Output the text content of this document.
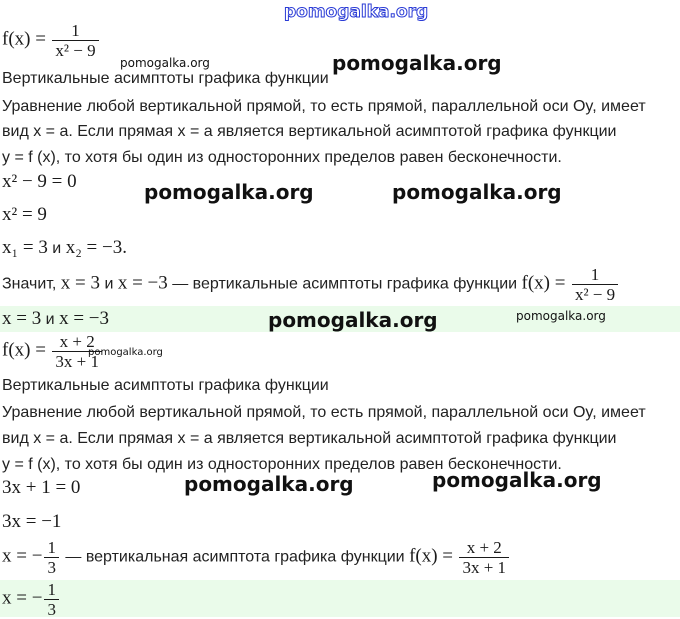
pomogalka.org
$f(x) = \frac{1}{\text{x² − 9}}$
Вертикальные асимптоты графика функции
Уравнение любой вертикальной прямой, то есть прямой, параллельной оси Oy, имеет
вид x = a. Если прямая x = a является вертикальной асимптотой графика функции
y = f (x), то хотя бы один из односторонних пределов равен бесконечности.
x² − 9 = 0
x² = 9
x₁ = 3 и x₂ = −3.
Значит, x = 3 и x = −3 — вертикальные асимптоты графика функции $f(x) = \frac{1}{\text{x² − 9}}$
x = 3 и x = −3
$f(x) = \frac{x + 2}{3x + 1}$
Вертикальные асимптоты графика функции
Уравнение любой вертикальной прямой, то есть прямой, параллельной оси Oy, имеет
вид x = a. Если прямая x = a является вертикальной асимптотой графика функции
y = f (x), то хотя бы один из односторонних пределов равен бесконечности.
3x + 1 = 0
3x = −1
x = − $\frac{1}{3}$ — вертикальная асимптота графика функции $f(x) = \frac{x + 2}{3x + 1}$
x = − $\frac{1}{3}$
pomogalka.org	pomogalka.org
pomogalka.org	pomogalka.org
pomogalka.org	pomogalka.org
pomogalka.org
pomogalka.org	pomogalka.org
